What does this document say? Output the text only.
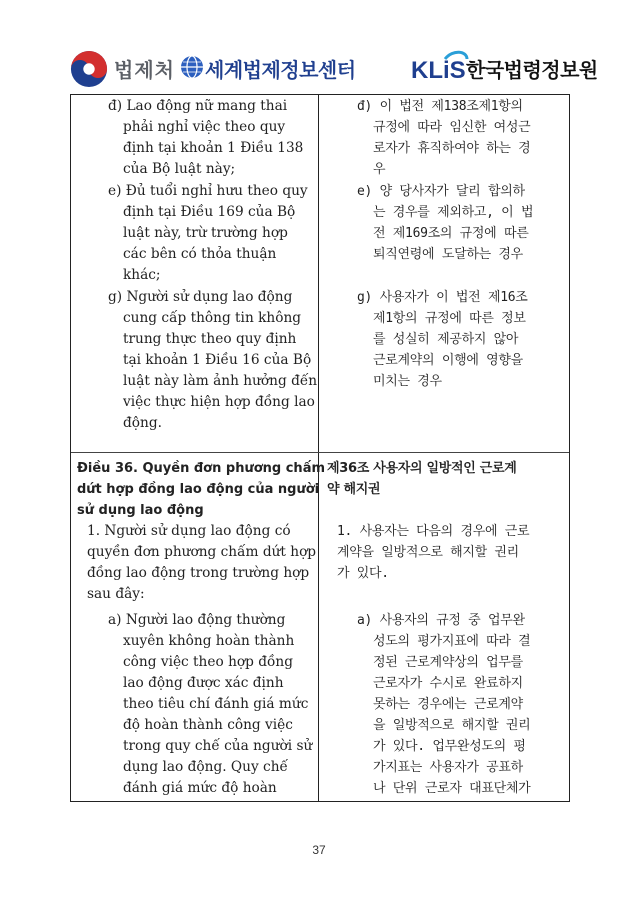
법제처 세계법제정보센터 KLiS 한국법령정보원
đ) Lao động nữ mang thai
phải nghỉ việc theo quy
định tại khoản 1 Điều 138
của Bộ luật này;
e) Đủ tuổi nghỉ hưu theo quy
định tại Điều 169 của Bộ
luật này, trừ trường hợp
các bên có thỏa thuận
khác;
g) Người sử dụng lao động
cung cấp thông tin không
trung thực theo quy định
tại khoản 1 Điều 16 của Bộ
luật này làm ảnh hưởng đến
việc thực hiện hợp đồng lao
động.
Điều 36. Quyền đơn phương chấm
dứt hợp đồng lao động của người
sử dụng lao động
1. Người sử dụng lao động có
quyền đơn phương chấm dứt hợp
đồng lao động trong trường hợp
sau đây:
a) Người lao động thường
xuyên không hoàn thành
công việc theo hợp đồng
lao động được xác định
theo tiêu chí đánh giá mức
độ hoàn thành công việc
trong quy chế của người sử
dụng lao động. Quy chế
đánh giá mức độ hoàn
đ) 이 법전 제138조제1항의
규정에 따라 임신한 여성근
로자가 휴직하여야 하는 경
우
e) 양 당사자가 달리 합의하
는 경우를 제외하고, 이 법
전 제169조의 규정에 따른
퇴직연령에 도달하는 경우
g) 사용자가 이 법전 제16조
제1항의 규정에 따른 정보
를 성실히 제공하지 않아
근로계약의 이행에 영향을
미치는 경우
제36조 사용자의 일방적인 근로계
약 해지권
1. 사용자는 다음의 경우에 근로
계약을 일방적으로 해지할 권리
가 있다.
a) 사용자의 규정 중 업무완
성도의 평가지표에 따라 결
정된 근로계약상의 업무를
근로자가 수시로 완료하지
못하는 경우에는 근로계약
을 일방적으로 해지할 권리
가 있다. 업무완성도의 평
가지표는 사용자가 공표하
나 단위 근로자 대표단체가
37
